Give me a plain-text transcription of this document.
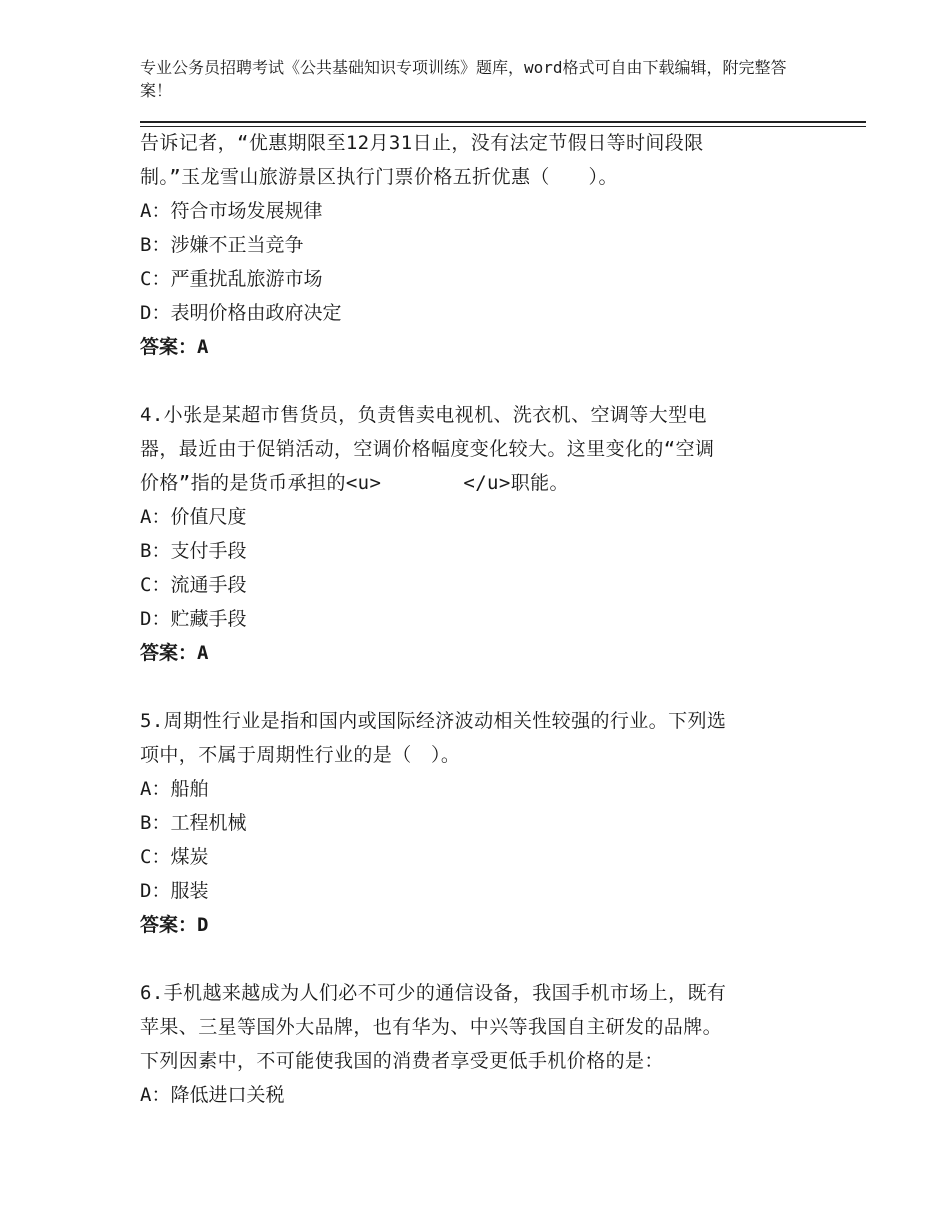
专业公务员招聘考试《公共基础知识专项训练》题库，word格式可自由下载编辑，附完整答案！

告诉记者，“优惠期限至12月31日止，没有法定节假日等时间段限

制。”玉龙雪山旅游景区执行门票价格五折优惠（　　）。

A：符合市场发展规律

B：涉嫌不正当竞争

C：严重扰乱旅游市场

D：表明价格由政府决定

答案：A

4.小张是某超市售货员，负责售卖电视机、洗衣机、空调等大型电

器，最近由于促销活动，空调价格幅度变化较大。这里变化的“空调

价格”指的是货币承担的<u>	</u>职能。

A：价值尺度

B：支付手段

C：流通手段

D：贮藏手段

答案：A

5.周期性行业是指和国内或国际经济波动相关性较强的行业。下列选

项中，不属于周期性行业的是（　）。

A：船舶

B：工程机械

C：煤炭

D：服装

答案：D

6.手机越来越成为人们必不可少的通信设备，我国手机市场上，既有

苹果、三星等国外大品牌，也有华为、中兴等我国自主研发的品牌。

下列因素中，不可能使我国的消费者享受更低手机价格的是：

A：降低进口关税
